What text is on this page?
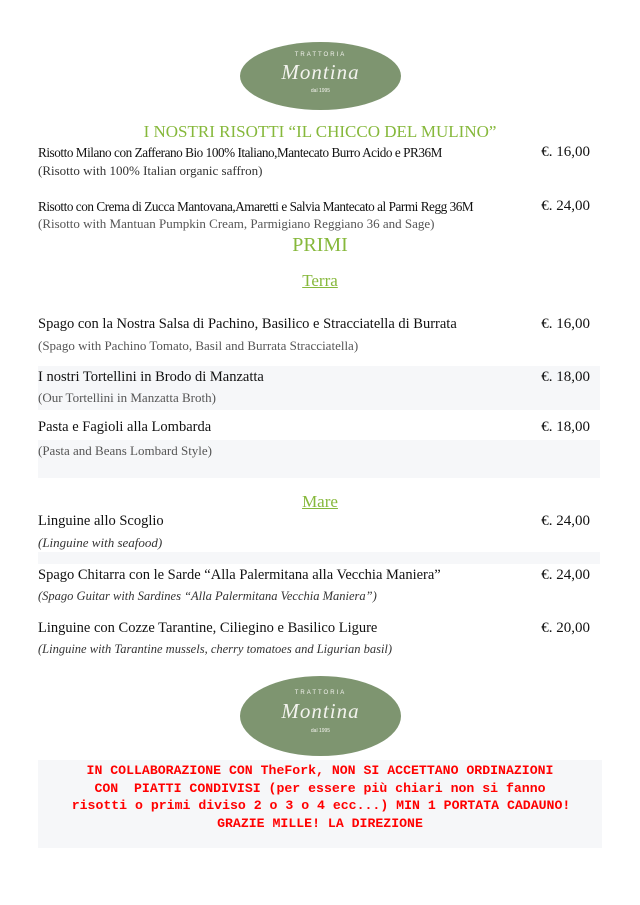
TRATTORIA
Montina
dal 1995
I NOSTRI RISOTTI “IL CHICCO DEL MULINO”
Risotto Milano con Zafferano Bio 100% Italiano,Mantecato Burro Acido e PR36M	€. 16,00
(Risotto with 100% Italian organic saffron)
Risotto con Crema di Zucca Mantovana,Amaretti e Salvia Mantecato al Parmi Regg 36M	€. 24,00
(Risotto with Mantuan Pumpkin Cream, Parmigiano Reggiano 36 and Sage)
PRIMI
Terra
Spago con la Nostra Salsa di Pachino, Basilico e Stracciatella di Burrata	€. 16,00
(Spago with Pachino Tomato, Basil and Burrata Stracciatella)
I nostri Tortellini in Brodo di Manzatta	€. 18,00
(Our Tortellini in Manzatta Broth)
Pasta e Fagioli alla Lombarda	€. 18,00
(Pasta and Beans Lombard Style)
Mare
Linguine allo Scoglio	€. 24,00
(Linguine with seafood)
Spago Chitarra con le Sarde “Alla Palermitana alla Vecchia Maniera”	€. 24,00
(Spago Guitar with Sardines “Alla Palermitana Vecchia Maniera”)
Linguine con Cozze Tarantine, Ciliegino e Basilico Ligure	€. 20,00
(Linguine with Tarantine mussels, cherry tomatoes and Ligurian basil)
TRATTORIA
Montina
dal 1995
IN COLLABORAZIONE CON TheFork, NON SI ACCETTANO ORDINAZIONI
CON  PIATTI CONDIVISI (per essere più chiari non si fanno
risotti o primi diviso 2 o 3 o 4 ecc...) MIN 1 PORTATA CADAUNO!
GRAZIE MILLE! LA DIREZIONE
